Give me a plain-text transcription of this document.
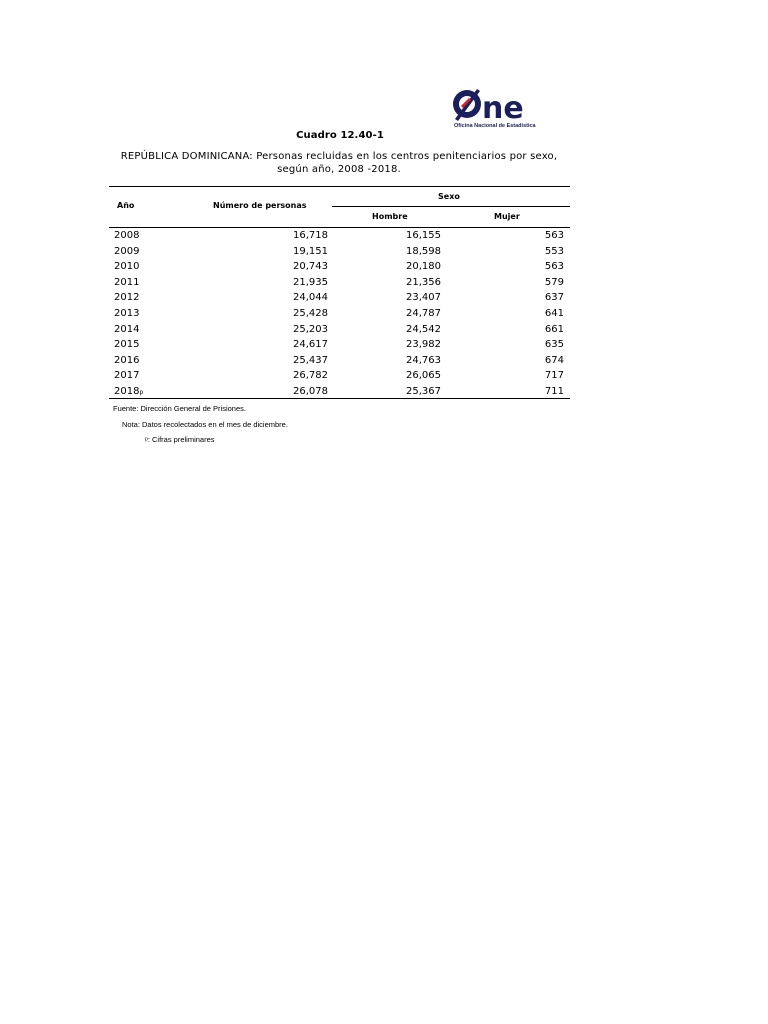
ne
Oficina Nacional de Estadística
Cuadro 12.40-1
REPÚBLICA DOMINICANA: Personas recluidas en los centros penitenciarios por sexo, según año, 2008 -2018.
Año	Número de personas
Sexo
Hombre	Mujer
2008	16,718	16,155	563
2009	19,151	18,598	553
2010	20,743	20,180	563
2011	21,935	21,356	579
2012	24,044	23,407	637
2013	25,428	24,787	641
2014	25,203	24,542	661
2015	24,617	23,982	635
2016	25,437	24,763	674
2017	26,782	26,065	717
2018p	26,078	25,367	711
Fuente: Dirección General de Prisiones.
Nota: Datos recolectados en el mes de diciembre.
ᵖ: Cifras preliminares
